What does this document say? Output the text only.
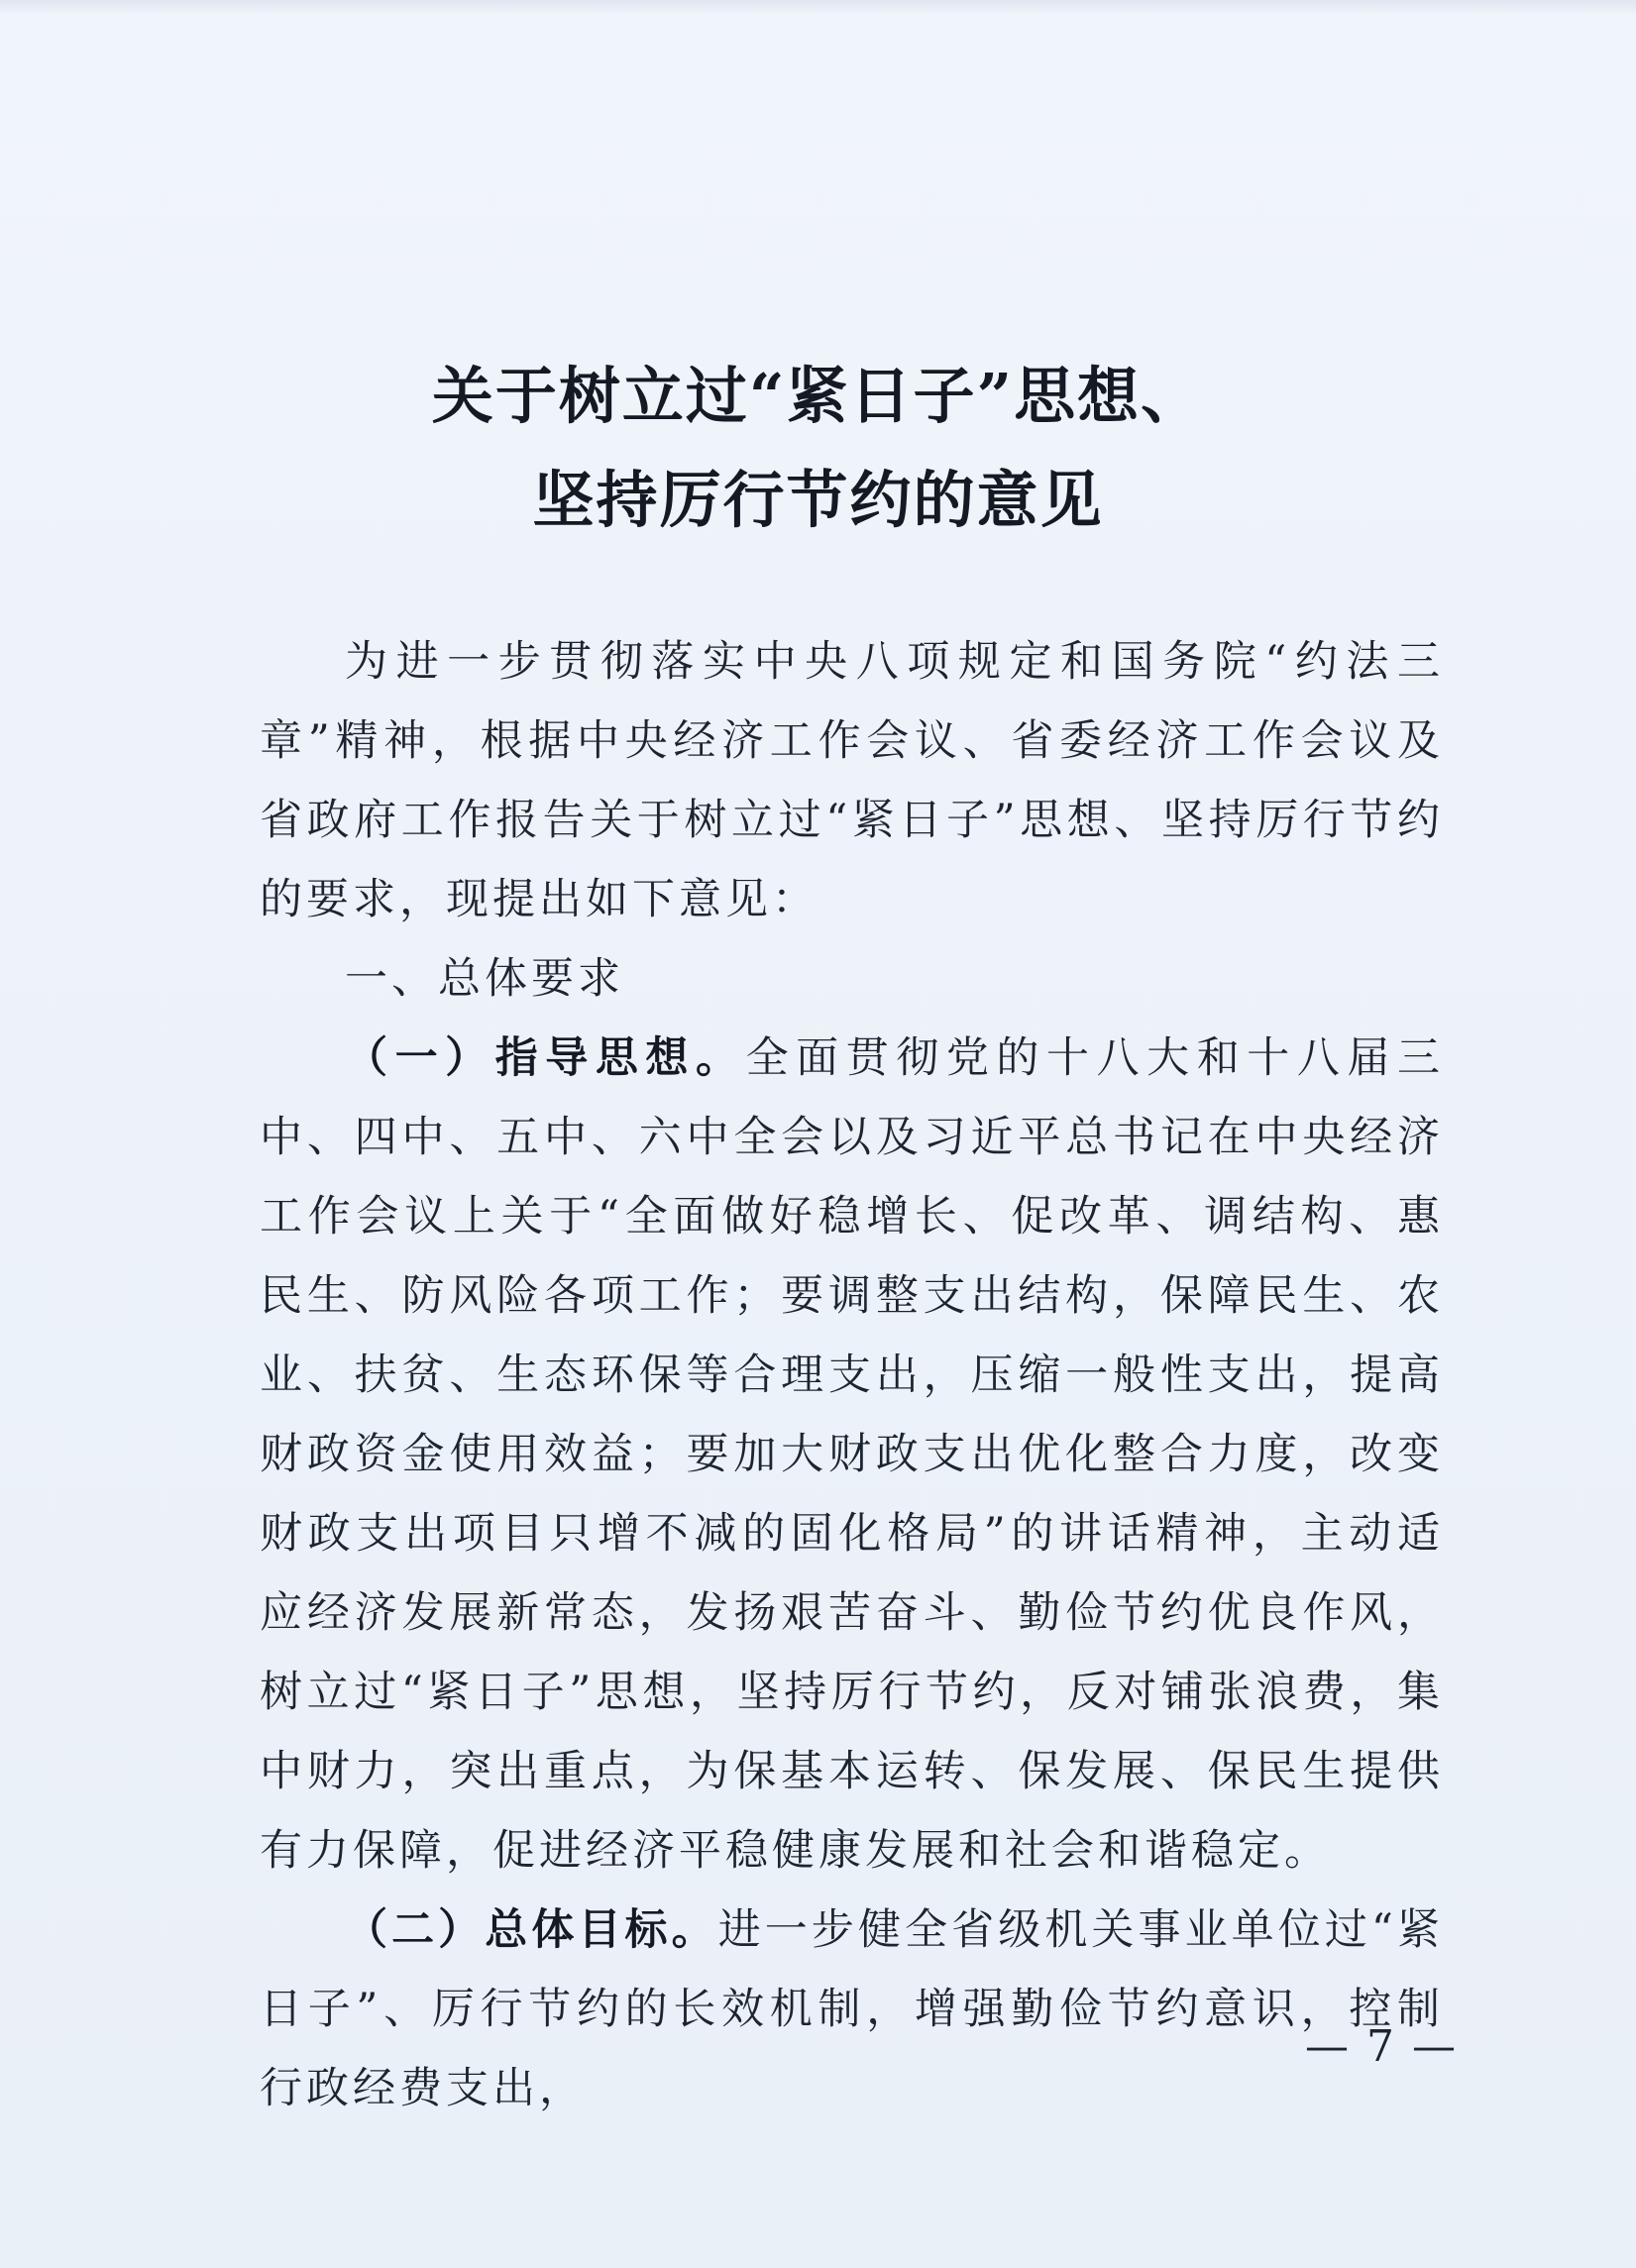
关于树立过“紧日子”思想、
坚持厉行节约的意见

为进一步贯彻落实中央八项规定和国务院“约法三章”精神，根据中央经济工作会议、省委经济工作会议及省政府工作报告关于树立过“紧日子”思想、坚持厉行节约的要求，现提出如下意见：

一、总体要求

（一）指导思想。全面贯彻党的十八大和十八届三中、四中、五中、六中全会以及习近平总书记在中央经济工作会议上关于“全面做好稳增长、促改革、调结构、惠民生、防风险各项工作；要调整支出结构，保障民生、农业、扶贫、生态环保等合理支出，压缩一般性支出，提高财政资金使用效益；要加大财政支出优化整合力度，改变财政支出项目只增不减的固化格局”的讲话精神，主动适应经济发展新常态，发扬艰苦奋斗、勤俭节约优良作风，树立过“紧日子”思想，坚持厉行节约，反对铺张浪费，集中财力，突出重点，为保基本运转、保发展、保民生提供有力保障，促进经济平稳健康发展和社会和谐稳定。

（二）总体目标。进一步健全省级机关事业单位过“紧日子”、厉行节约的长效机制，增强勤俭节约意识，控制行政经费支出，

— 7 —
